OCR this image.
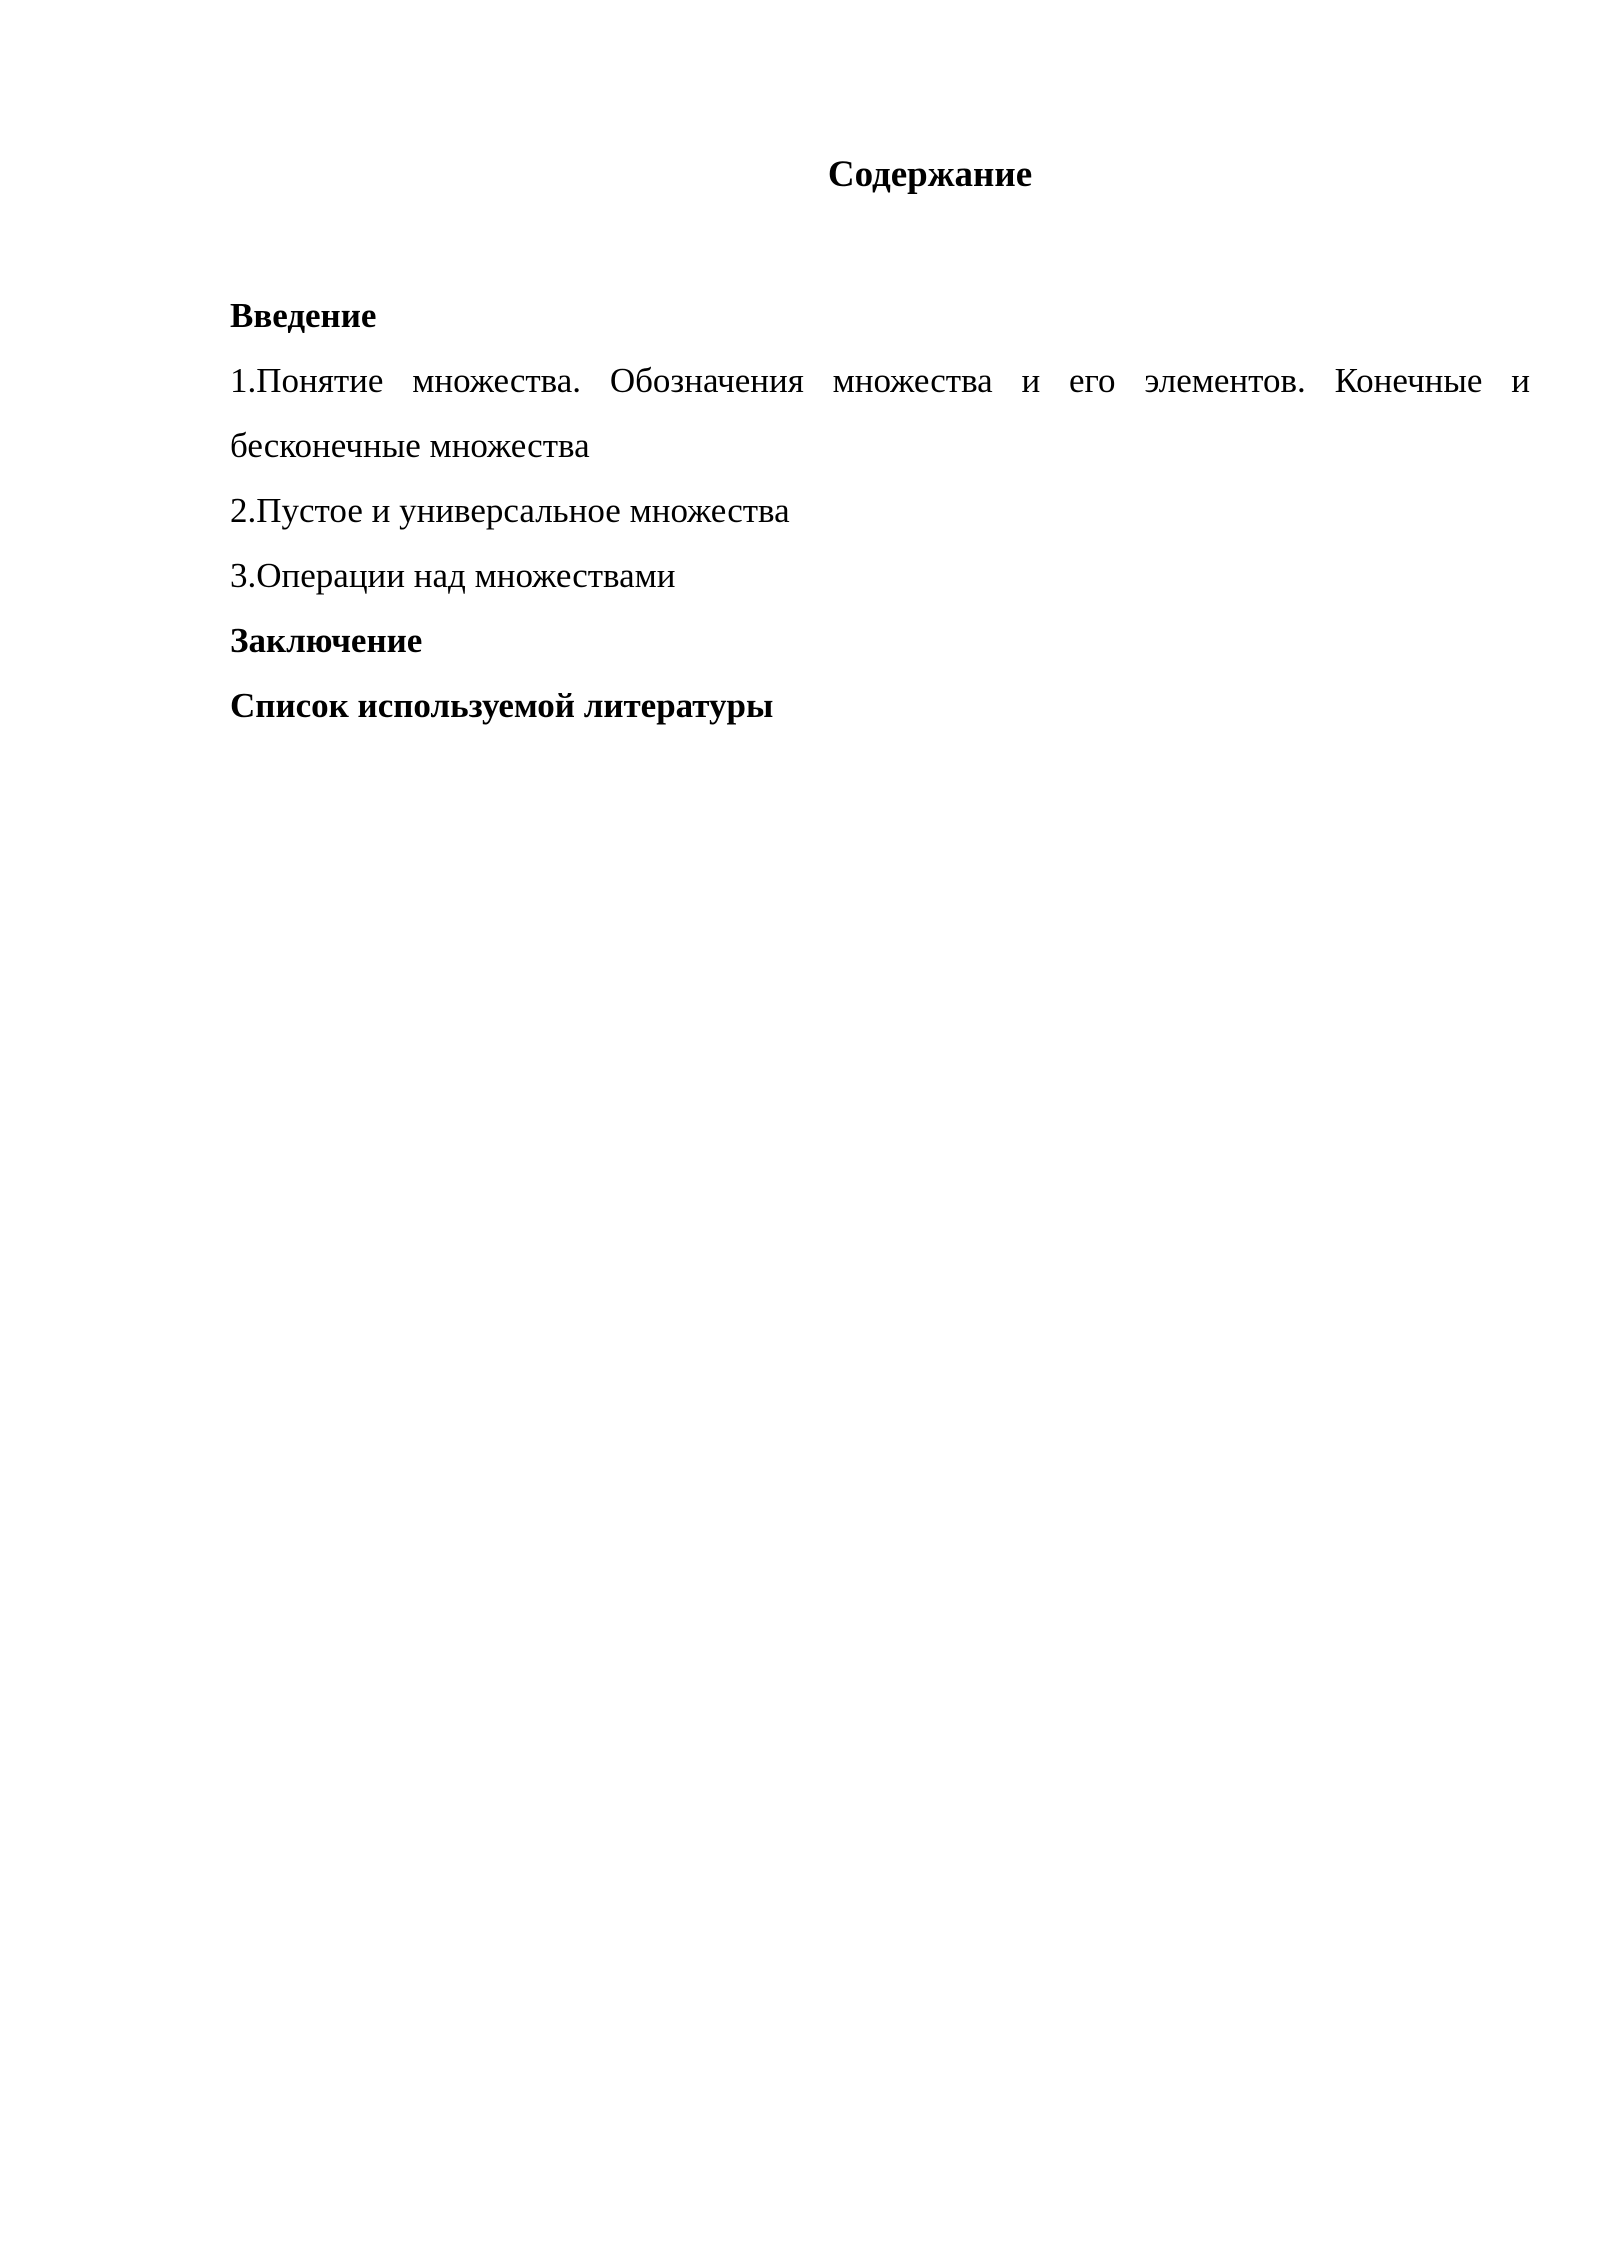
Содержание
Введение
1.Понятие множества. Обозначения множества и его элементов. Конечные и бесконечные множества
2.Пустое и универсальное множества
3.Операции над множествами
Заключение
Список используемой литературы
